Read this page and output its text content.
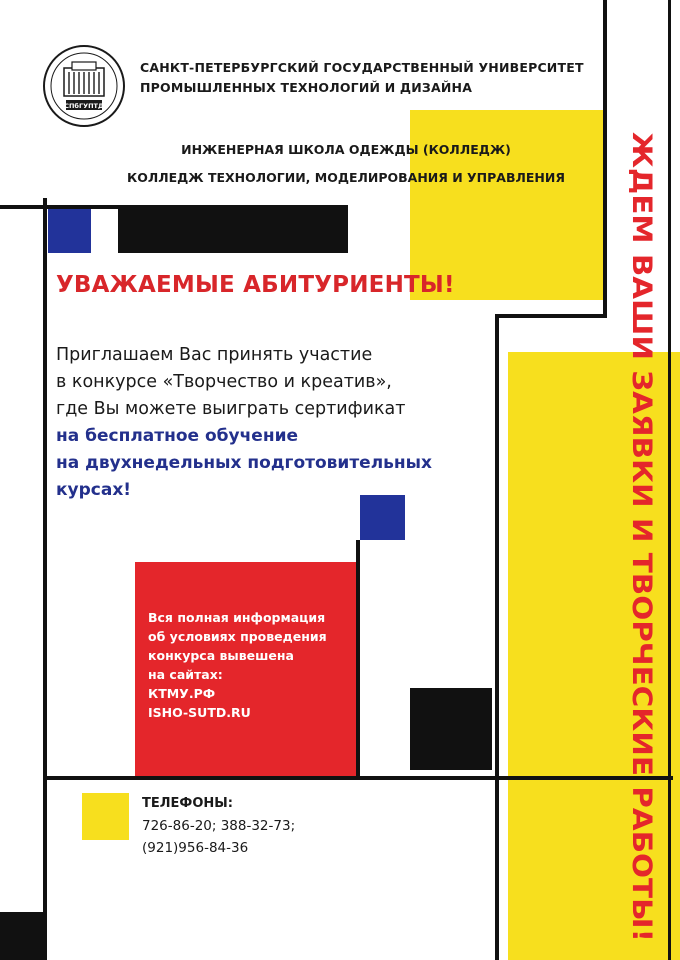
СПбГУПТД
САНКТ-ПЕТЕРБУРГСКИЙ ГОСУДАРСТВЕННЫЙ УНИВЕРСИТЕТ
ПРОМЫШЛЕННЫХ ТЕХНОЛОГИЙ И ДИЗАЙНА
ИНЖЕНЕРНАЯ ШКОЛА ОДЕЖДЫ (КОЛЛЕДЖ)
КОЛЛЕДЖ ТЕХНОЛОГИИ, МОДЕЛИРОВАНИЯ И УПРАВЛЕНИЯ
УВАЖАЕМЫЕ АБИТУРИЕНТЫ!
Приглашаем Вас принять участие
в конкурсе «Творчество и креатив»,
где Вы можете выиграть сертификат
на бесплатное обучение
на двухнедельных подготовительных
курсах!
Вся полная информация
об условиях проведения
конкурса вывешена
на сайтах:
КТМУ.РФ
ISHO-SUTD.RU
ТЕЛЕФОНЫ:
726-86-20; 388-32-73;
(921)956-84-36	ЖДЕМ ВАШИ ЗАЯВКИ И ТВОРЧЕСКИЕ РАБОТЫ!
